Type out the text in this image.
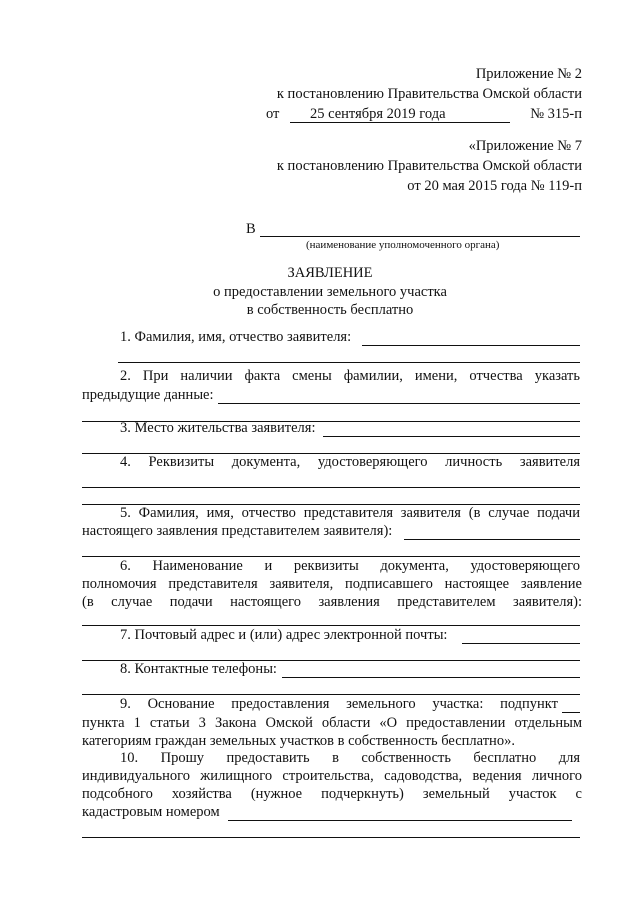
Приложение № 2
к постановлению Правительства Омской области
от 25 сентября 2019 года	№ 315-п
«Приложение № 7
к постановлению Правительства Омской области
от 20 мая 2015 года № 119-п
В
(наименование уполномоченного органа)
ЗАЯВЛЕНИЕ
о предоставлении земельного участка
в собственность бесплатно
1. Фамилия, имя, отчество заявителя:
2. При наличии факта смены фамилии, имени, отчества указать
предыдущие данные:
3. Место жительства заявителя:
4. Реквизиты документа, удостоверяющего личность заявителя
5. Фамилия, имя, отчество представителя заявителя (в случае подачи
настоящего заявления представителем заявителя):
6. Наименование и реквизиты документа, удостоверяющего
полномочия представителя заявителя, подписавшего настоящее заявление
(в случае подачи настоящего заявления представителем заявителя):
7. Почтовый адрес и (или) адрес электронной почты:
8. Контактные телефоны:
9. Основание предоставления земельного участка: подпункт
пункта 1 статьи 3 Закона Омской области «О предоставлении отдельным
категориям граждан земельных участков в собственность бесплатно».
10. Прошу предоставить в собственность бесплатно для
индивидуального жилищного строительства, садоводства, ведения личного
подсобного хозяйства (нужное подчеркнуть) земельный участок с
кадастровым номером
